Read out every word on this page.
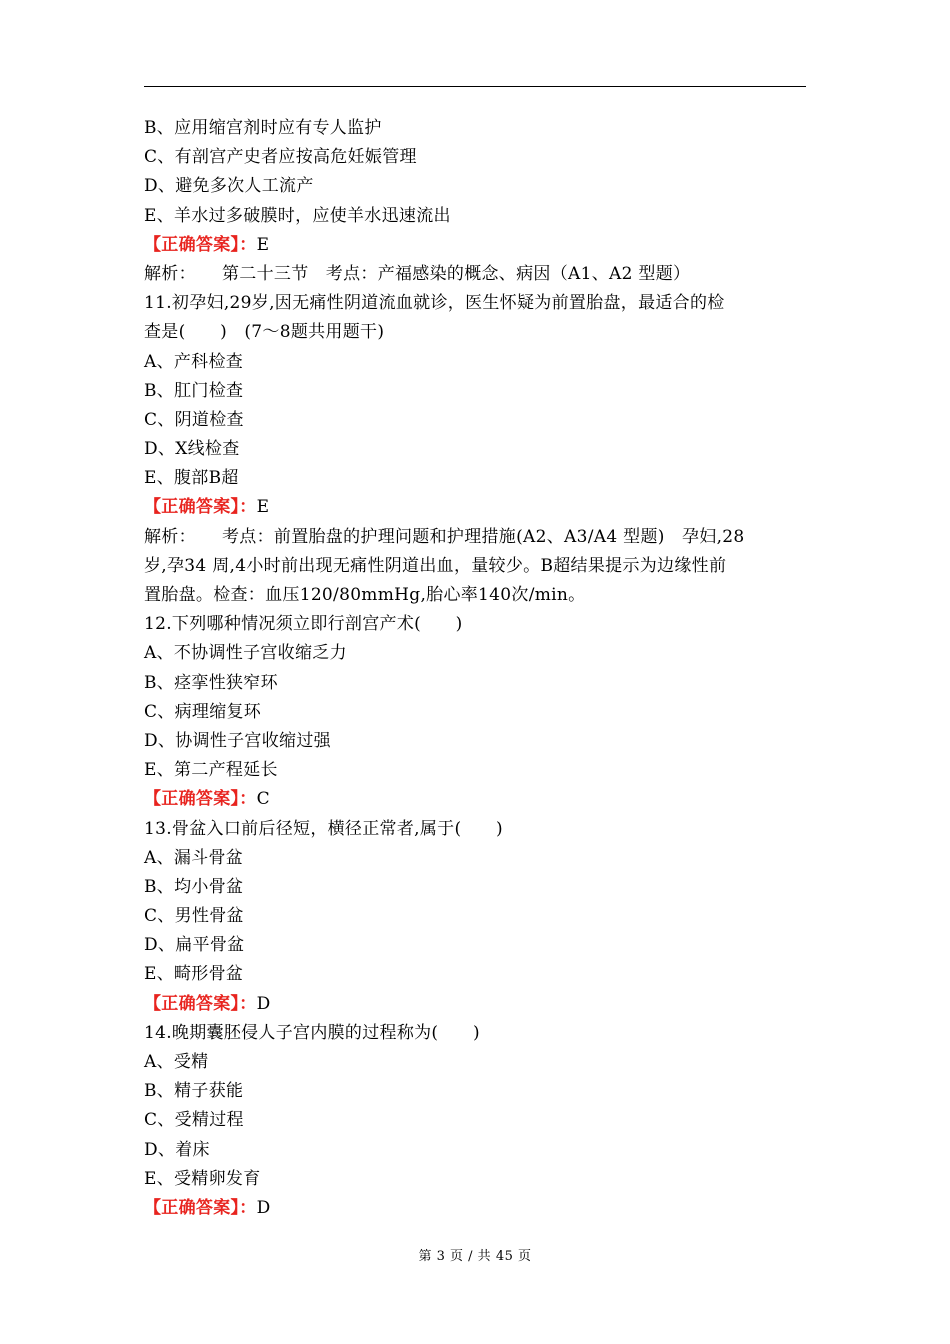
B、应用缩宫剂时应有专人监护
C、有剖宫产史者应按高危妊娠管理
D、避免多次人工流产
E、羊水过多破膜时，应使羊水迅速流出
【正确答案】：E
解析：　　第二十三节　考点：产福感染的概念、病因（A1、A2 型题）
11.初孕妇,29岁,因无痛性阴道流血就诊，医生怀疑为前置胎盘，最适合的检
查是(　　)　(7～8题共用题干)
A、产科检查
B、肛门检查
C、阴道检查
D、X线检查
E、腹部B超
【正确答案】：E
解析：　　考点：前置胎盘的护理问题和护理措施(A2、A3/A4 型题)　孕妇,28
岁,孕34 周,4小时前出现无痛性阴道出血，量较少。B超结果提示为边缘性前
置胎盘。检查：血压120/80mmHg,胎心率140次/min。
12.下列哪种情况须立即行剖宫产术(　　)
A、不协调性子宫收缩乏力
B、痉挛性狭窄环
C、病理缩复环
D、协调性子宫收缩过强
E、第二产程延长
【正确答案】：C
13.骨盆入口前后径短，横径正常者,属于(　　)
A、漏斗骨盆
B、均小骨盆
C、男性骨盆
D、扁平骨盆
E、畸形骨盆
【正确答案】：D
14.晚期囊胚侵人子宫内膜的过程称为(　　)
A、受精
B、精子获能
C、受精过程
D、着床
E、受精卵发育
【正确答案】：D
第 3 页 / 共 45 页
